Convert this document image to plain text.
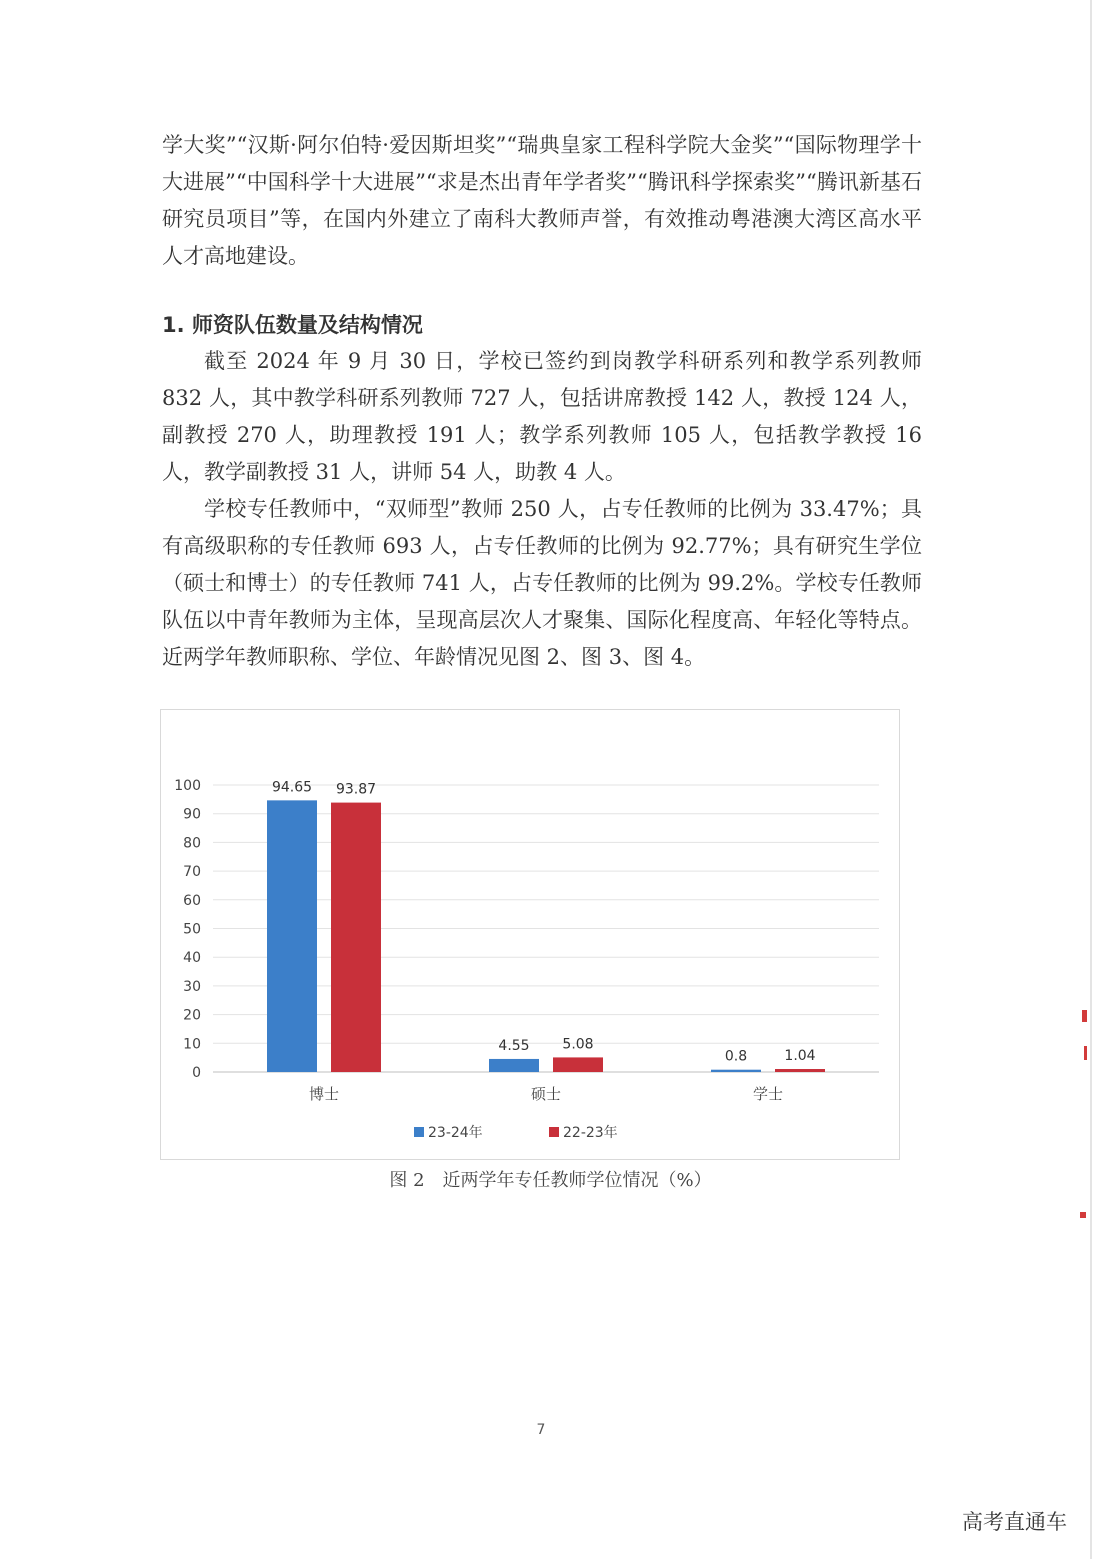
学大奖”“汉斯·阿尔伯特·爱因斯坦奖”“瑞典皇家工程科学院大金奖”“国际物理学十大进展”“中国科学十大进展”“求是杰出青年学者奖”“腾讯科学探索奖”“腾讯新基石研究员项目”等，在国内外建立了南科大教师声誉，有效推动粤港澳大湾区高水平人才高地建设。

1. 师资队伍数量及结构情况

截至 2024 年 9 月 30 日，学校已签约到岗教学科研系列和教学系列教师 832 人，其中教学科研系列教师 727 人，包括讲席教授 142 人，教授 124 人，副教授 270 人，助理教授 191 人；教学系列教师 105 人，包括教学教授 16 人，教学副教授 31 人，讲师 54 人，助教 4 人。

学校专任教师中，“双师型”教师 250 人，占专任教师的比例为 33.47%；具有高级职称的专任教师 693 人，占专任教师的比例为 92.77%；具有研究生学位（硕士和博士）的专任教师 741 人，占专任教师的比例为 99.2%。学校专任教师队伍以中青年教师为主体，呈现高层次人才聚集、国际化程度高、年轻化等特点。近两学年教师职称、学位、年龄情况见图 2、图 3、图 4。

0
10
20
30
40
50
60
70
80
90
100	94.65 93.87
博士
4.55 5.08
硕士
0.8	1.04
学士
23-24年	22-23年

图 2　近两学年专任教师学位情况（%）

7
高考直通车
